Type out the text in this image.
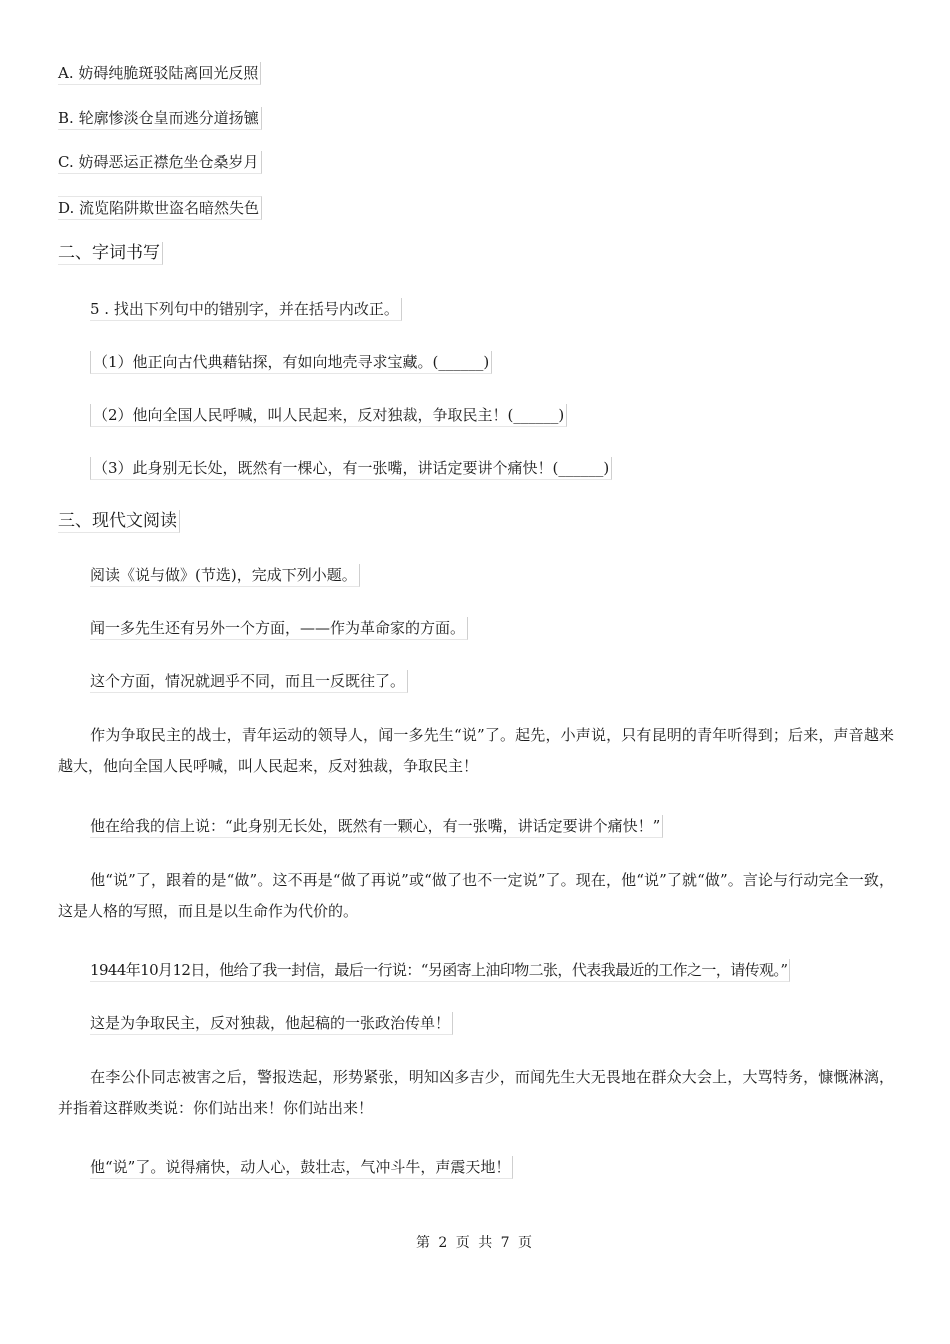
A. 妨碍纯脆斑驳陆离回光反照
B. 轮廓惨淡仓皇而逃分道扬镳
C. 妨碍恶运正襟危坐仓桑岁月
D. 流览陷阱欺世盗名暗然失色
二、字词书写
5 . 找出下列句中的错别字，并在括号内改正。
（1）他正向古代典藉钻探，有如向地壳寻求宝藏。(______)
（2）他向全国人民呼喊，叫人民起来，反对独裁，争取民主！(______)
（3）此身别无长处，既然有一棵心，有一张嘴，讲话定要讲个痛快！(______)
三、现代文阅读
阅读《说与做》(节选)，完成下列小题。
闻一多先生还有另外一个方面，——作为革命家的方面。
这个方面，情况就迥乎不同，而且一反既往了。
作为争取民主的战士，青年运动的领导人，闻一多先生“说”了。起先，小声说，只有昆明的青年听得到；后来，声音越来越大，他向全国人民呼喊，叫人民起来，反对独裁，争取民主！
他在给我的信上说：“此身别无长处，既然有一颗心，有一张嘴，讲话定要讲个痛快！”
他“说”了，跟着的是“做”。这不再是“做了再说”或“做了也不一定说”了。现在，他“说”了就“做”。言论与行动完全一致，这是人格的写照，而且是以生命作为代价的。
1944年10月12日，他给了我一封信，最后一行说：“另函寄上油印物二张，代表我最近的工作之一，请传观。”
这是为争取民主，反对独裁，他起稿的一张政治传单！
在李公仆同志被害之后，警报迭起，形势紧张，明知凶多吉少，而闻先生大无畏地在群众大会上，大骂特务，慷慨淋漓，并指着这群败类说：你们站出来！你们站出来！
他“说”了。说得痛快，动人心，鼓壮志，气冲斗牛，声震天地！
第 2 页 共 7 页
